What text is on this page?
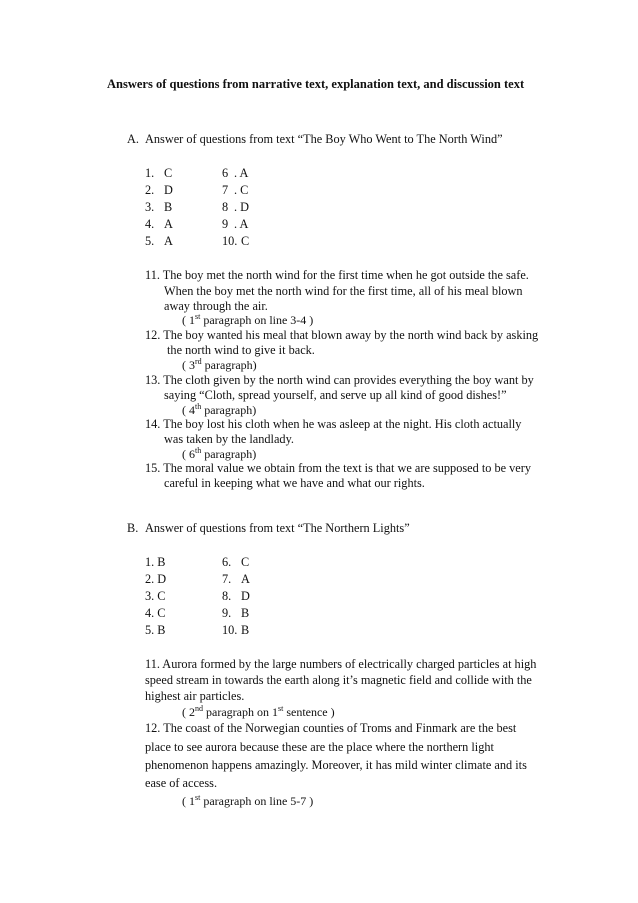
Answers of questions from narrative text, explanation text, and discussion text
A. Answer of questions from text “The Boy Who Went to The North Wind”
1. C	6 . A
2. D	7 . C
3. B	8 . D
4. A	9 . A
5. A	10. C
11. The boy met the north wind for the first time when he got outside the safe.
When the boy met the north wind for the first time, all of his meal blown
away through the air.
( 1st paragraph on line 3-4 )
12. The boy wanted his meal that blown away by the north wind back by asking
the north wind to give it back.
( 3rd paragraph)
13. The cloth given by the north wind can provides everything the boy want by
saying “Cloth, spread yourself, and serve up all kind of good dishes!”
( 4th paragraph)
14. The boy lost his cloth when he was asleep at the night. His cloth actually
was taken by the landlady.
( 6th paragraph)
15. The moral value we obtain from the text is that we are supposed to be very
careful in keeping what we have and what our rights.
B. Answer of questions from text “The Northern Lights”
1. B	6. C
2. D	7. A
3. C	8. D
4. C	9. B
5. B	10. B
11. Aurora formed by the large numbers of electrically charged particles at high
speed stream in towards the earth along it’s magnetic field and collide with the
highest air particles.
( 2nd paragraph on 1st sentence )
12. The coast of the Norwegian counties of Troms and Finmark are the best
place to see aurora because these are the place where the northern light
phenomenon happens amazingly. Moreover, it has mild winter climate and its
ease of access.
( 1st paragraph on line 5-7 )
